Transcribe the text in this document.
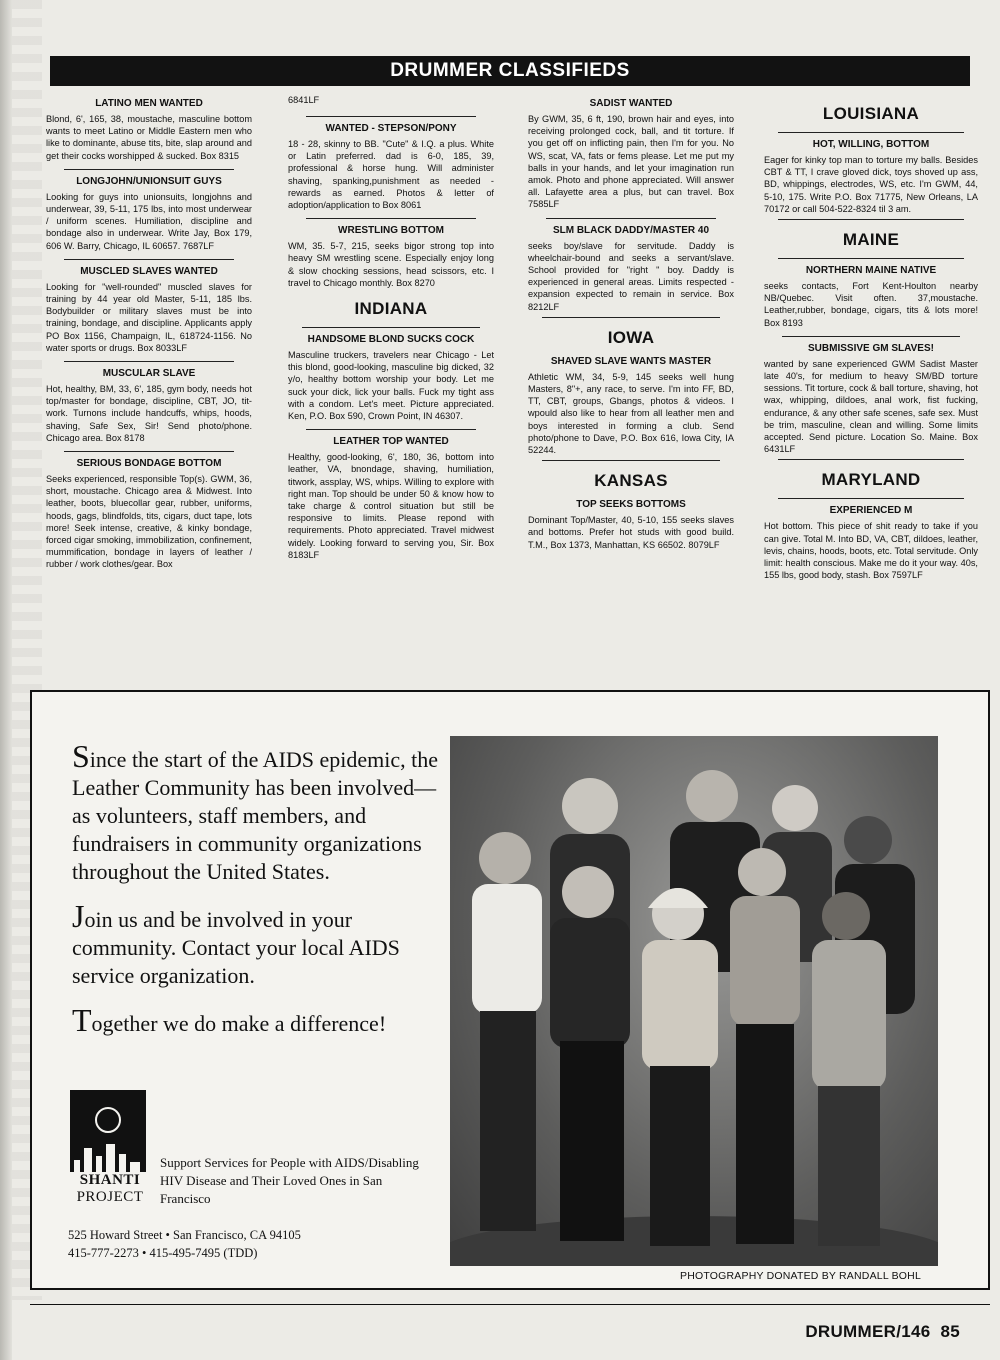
DRUMMER CLASSIFIEDS
LATINO MEN WANTED
Blond, 6', 165, 38, moustache, masculine bottom wants to meet Latino or Middle Eastern men who like to dominante, abuse tits, bite, slap around and get their cocks worshipped & sucked. Box 8315
LONGJOHN/UNIONSUIT GUYS
Looking for guys into unionsuits, longjohns and underwear, 39, 5-11, 175 lbs, into most underwear / uniform scenes. Humiliation, discipline and bondage also in underwear. Write Jay, Box 179, 606 W. Barry, Chicago, IL 60657. 7687LF
MUSCLED SLAVES WANTED
Looking for "well-rounded" muscled slaves for training by 44 year old Master, 5-11, 185 lbs. Bodybuilder or military slaves must be into training, bondage, and discipline. Applicants apply PO Box 1156, Champaign, IL, 618724-1156. No water sports or drugs. Box 8033LF
MUSCULAR SLAVE
Hot, healthy, BM, 33, 6', 185, gym body, needs hot top/master for bondage, discipline, CBT, JO, tit-work. Turnons include handcuffs, whips, hoods, shaving, Safe Sex, Sir! Send photo/phone. Chicago area. Box 8178
SERIOUS BONDAGE BOTTOM
Seeks experienced, responsible Top(s). GWM, 36, short, moustache. Chicago area & Midwest. Into leather, boots, bluecollar gear, rubber, uniforms, hoods, gags, blindfolds, tits, cigars, duct tape, lots more! Seek intense, creative, & kinky bondage, forced cigar smoking, immobilization, confinement, mummification, bondage in layers of leather / rubber / work clothes/gear. Box
6841LF
WANTED - STEPSON/PONY
18 - 28, skinny to BB. "Cute" & I.Q. a plus. White or Latin preferred. dad is 6-0, 185, 39, professional & horse hung. Will administer shaving, spanking,punishment as needed - rewards as earned. Photos & letter of adoption/application to Box 8061
WRESTLING BOTTOM
WM, 35. 5-7, 215, seeks bigor strong top into heavy SM wrestling scene. Especially enjoy long & slow chocking sessions, head scissors, etc. I travel to Chicago monthly. Box 8270
INDIANA
HANDSOME BLOND SUCKS COCK
Masculine truckers, travelers near Chicago - Let this blond, good-looking, masculine big dicked, 32 y/o, healthy bottom worship your body. Let me suck your dick, lick your balls. Fuck my tight ass with a condom. Let's meet. Picture appreciated. Ken, P.O. Box 590, Crown Point, IN 46307.
LEATHER TOP WANTED
Healthy, good-looking, 6', 180, 36, bottom into leather, VA, bnondage, shaving, humiliation, titwork, assplay, WS, whips. Willing to explore with right man. Top should be under 50 & know how to take charge & control situation but still be responsive to limits. Please repond with requirements. Photo appreciated. Travel midwest widely. Looking forward to serving you, Sir. Box 8183LF
SADIST WANTED
By GWM, 35, 6 ft, 190, brown hair and eyes, into receiving prolonged cock, ball, and tit torture. If you get off on inflicting pain, then I'm for you. No WS, scat, VA, fats or fems please. Let me put my balls in your hands, and let your imagination run amok. Photo and phone appreciated. Will answer all. Lafayette area a plus, but can travel. Box 7585LF
SLM BLACK DADDY/MASTER 40
seeks boy/slave for servitude. Daddy is wheelchair-bound and seeks a servant/slave. School provided for "right " boy. Daddy is experienced in general areas. Limits respected - expansion expected to remain in service. Box 8212LF
IOWA
SHAVED SLAVE WANTS MASTER
Athletic WM, 34, 5-9, 145 seeks well hung Masters, 8"+, any race, to serve. I'm into FF, BD, TT, CBT, groups, Gbangs, photos & videos. I wpould also like to hear from all leather men and boys interested in forming a club. Send photo/phone to Dave, P.O. Box 616, Iowa City, IA 52244.
KANSAS
TOP SEEKS BOTTOMS
Dominant Top/Master, 40, 5-10, 155 seeks slaves and bottoms. Prefer hot studs with good build. T.M., Box 1373, Manhattan, KS 66502. 8079LF
LOUISIANA
HOT, WILLING, BOTTOM
Eager for kinky top man to torture my balls. Besides CBT & TT, I crave gloved dick, toys shoved up ass, BD, whippings, electrodes, WS, etc. I'm GWM, 44, 5-10, 175. Write P.O. Box 71775, New Orleans, LA 70172 or call 504-522-8324 til 3 am.
MAINE
NORTHERN MAINE NATIVE
seeks contacts, Fort Kent-Houlton nearby NB/Quebec. Visit often. 37,moustache. Leather,rubber, bondage, cigars, tits & lots more! Box 8193
SUBMISSIVE GM SLAVES!
wanted by sane experienced GWM Sadist Master late 40's, for medium to heavy SM/BD torture sessions. Tit torture, cock & ball torture, shaving, hot wax, whipping, dildoes, anal work, fist fucking, endurance, & any other safe scenes, safe sex. Must be trim, masculine, clean and willing. Some limits accepted. Send picture. Location So. Maine. Box 6431LF
MARYLAND
EXPERIENCED M
Hot bottom. This piece of shit ready to take if you can give. Total M. Into BD, VA, CBT, dildoes, leather, levis, chains, hoods, boots, etc. Total servitude. Only limit: health conscious. Make me do it your way. 40s, 155 lbs, good body, stash. Box 7597LF

Since the start of the AIDS epidemic, the Leather Community has been involved—as volunteers, staff members, and fundraisers in community organizations throughout the United States.

Join us and be involved in your community. Contact your local AIDS service organization.

Together we do make a difference!

PHOTOGRAPHY DONATED BY RANDALL BOHL
SHANTI
PROJECT
Support Services for People with AIDS/Disabling HIV Disease and Their Loved Ones in San Francisco
525 Howard Street • San Francisco, CA 94105
415-777-2273 • 415-495-7495 (TDD)
DRUMMER/146 85
